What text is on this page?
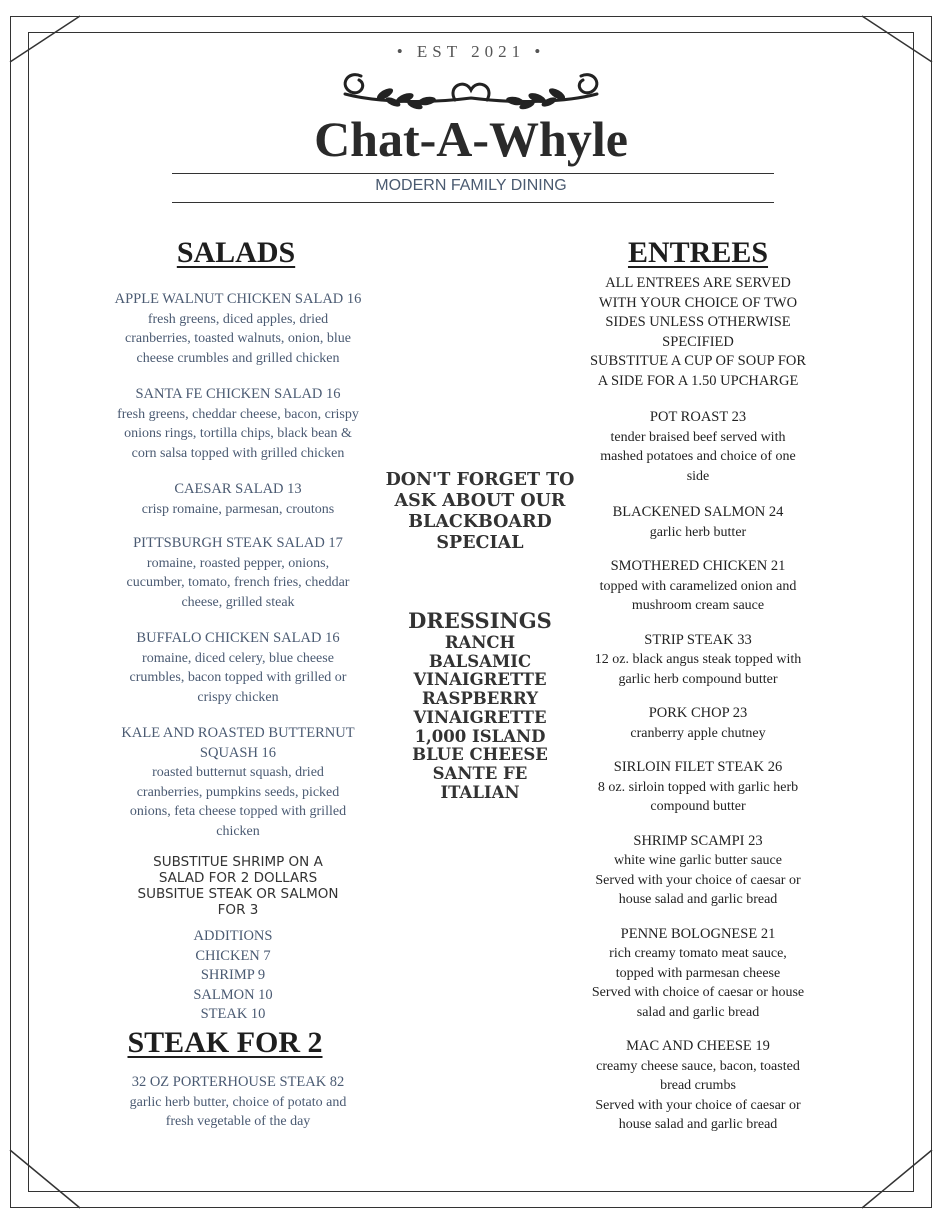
• EST 2021 •
Chat-A-Whyle
MODERN FAMILY DINING
SALADS
APPLE WALNUT CHICKEN SALAD 16
fresh greens, diced apples, dried
cranberries, toasted walnuts, onion, blue
cheese crumbles and grilled chicken
SANTA FE CHICKEN SALAD 16
fresh greens, cheddar cheese, bacon, crispy
onions rings, tortilla chips, black bean &
corn salsa topped with grilled chicken
CAESAR SALAD 13
crisp romaine, parmesan, croutons
PITTSBURGH STEAK SALAD 17
romaine, roasted pepper, onions,
cucumber, tomato, french fries, cheddar
cheese, grilled steak
BUFFALO CHICKEN SALAD 16
romaine, diced celery, blue cheese
crumbles, bacon topped with grilled or
crispy chicken
KALE AND ROASTED BUTTERNUT
SQUASH 16
roasted butternut squash, dried
cranberries, pumpkins seeds, picked
onions, feta cheese topped with grilled
chicken
SUBSTITUE SHRIMP ON A
SALAD FOR 2 DOLLARS
SUBSITUE STEAK OR SALMON
FOR 3
ADDITIONS
CHICKEN 7
SHRIMP 9
SALMON 10
STEAK 10
STEAK FOR 2
32 OZ PORTERHOUSE STEAK 82
garlic herb butter, choice of potato and
fresh vegetable of the day
DON'T FORGET TO
ASK ABOUT OUR
BLACKBOARD
SPECIAL
DRESSINGS
RANCH
BALSAMIC
VINAIGRETTE
RASPBERRY
VINAIGRETTE
1,000 ISLAND
BLUE CHEESE
SANTE FE
ITALIAN
ENTREES
ALL ENTREES ARE SERVED
WITH YOUR CHOICE OF TWO
SIDES UNLESS OTHERWISE
SPECIFIED
SUBSTITUE A CUP OF SOUP FOR
A SIDE FOR A 1.50 UPCHARGE
POT ROAST 23
tender braised beef served with
mashed potatoes and choice of one
side
BLACKENED SALMON 24
garlic herb butter
SMOTHERED CHICKEN 21
topped with caramelized onion and
mushroom cream sauce
STRIP STEAK 33
12 oz. black angus steak topped with
garlic herb compound butter
PORK CHOP 23
cranberry apple chutney
SIRLOIN FILET STEAK 26
8 oz. sirloin topped with garlic herb
compound butter
SHRIMP SCAMPI 23
white wine garlic butter sauce
Served with your choice of caesar or
house salad and garlic bread
PENNE BOLOGNESE 21
rich creamy tomato meat sauce,
topped with parmesan cheese
Served with choice of caesar or house
salad and garlic bread
MAC AND CHEESE 19
creamy cheese sauce, bacon, toasted
bread crumbs
Served with your choice of caesar or
house salad and garlic bread
